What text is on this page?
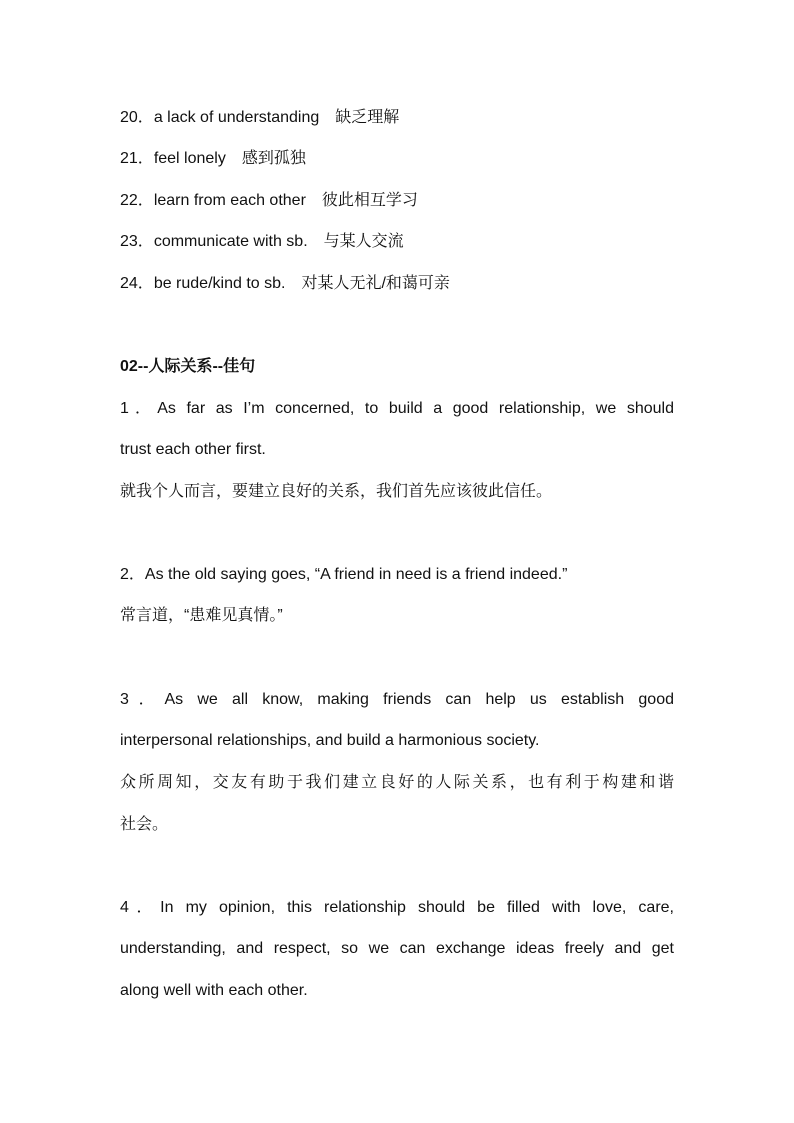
20．a lack of understanding 缺乏理解
21．feel lonely 感到孤独
22．learn from each other 彼此相互学习
23．communicate with sb. 与某人交流
24．be rude/kind to sb. 对某人无礼/和蔼可亲
02--人际关系--佳句
1．As far as I’m concerned, to build a good relationship, we should
trust each other first.
就我个人而言，要建立良好的关系，我们首先应该彼此信任。
2．As the old saying goes, “A friend in need is a friend indeed.”
常言道，“患难见真情。”
3．As we all know, making friends can help us establish good
interpersonal relationships, and build a harmonious society.
众所周知，交友有助于我们建立良好的人际关系，也有利于构建和谐
社会。
4．In my opinion, this relationship should be filled with love, care,
understanding, and respect, so we can exchange ideas freely and get
along well with each other.
